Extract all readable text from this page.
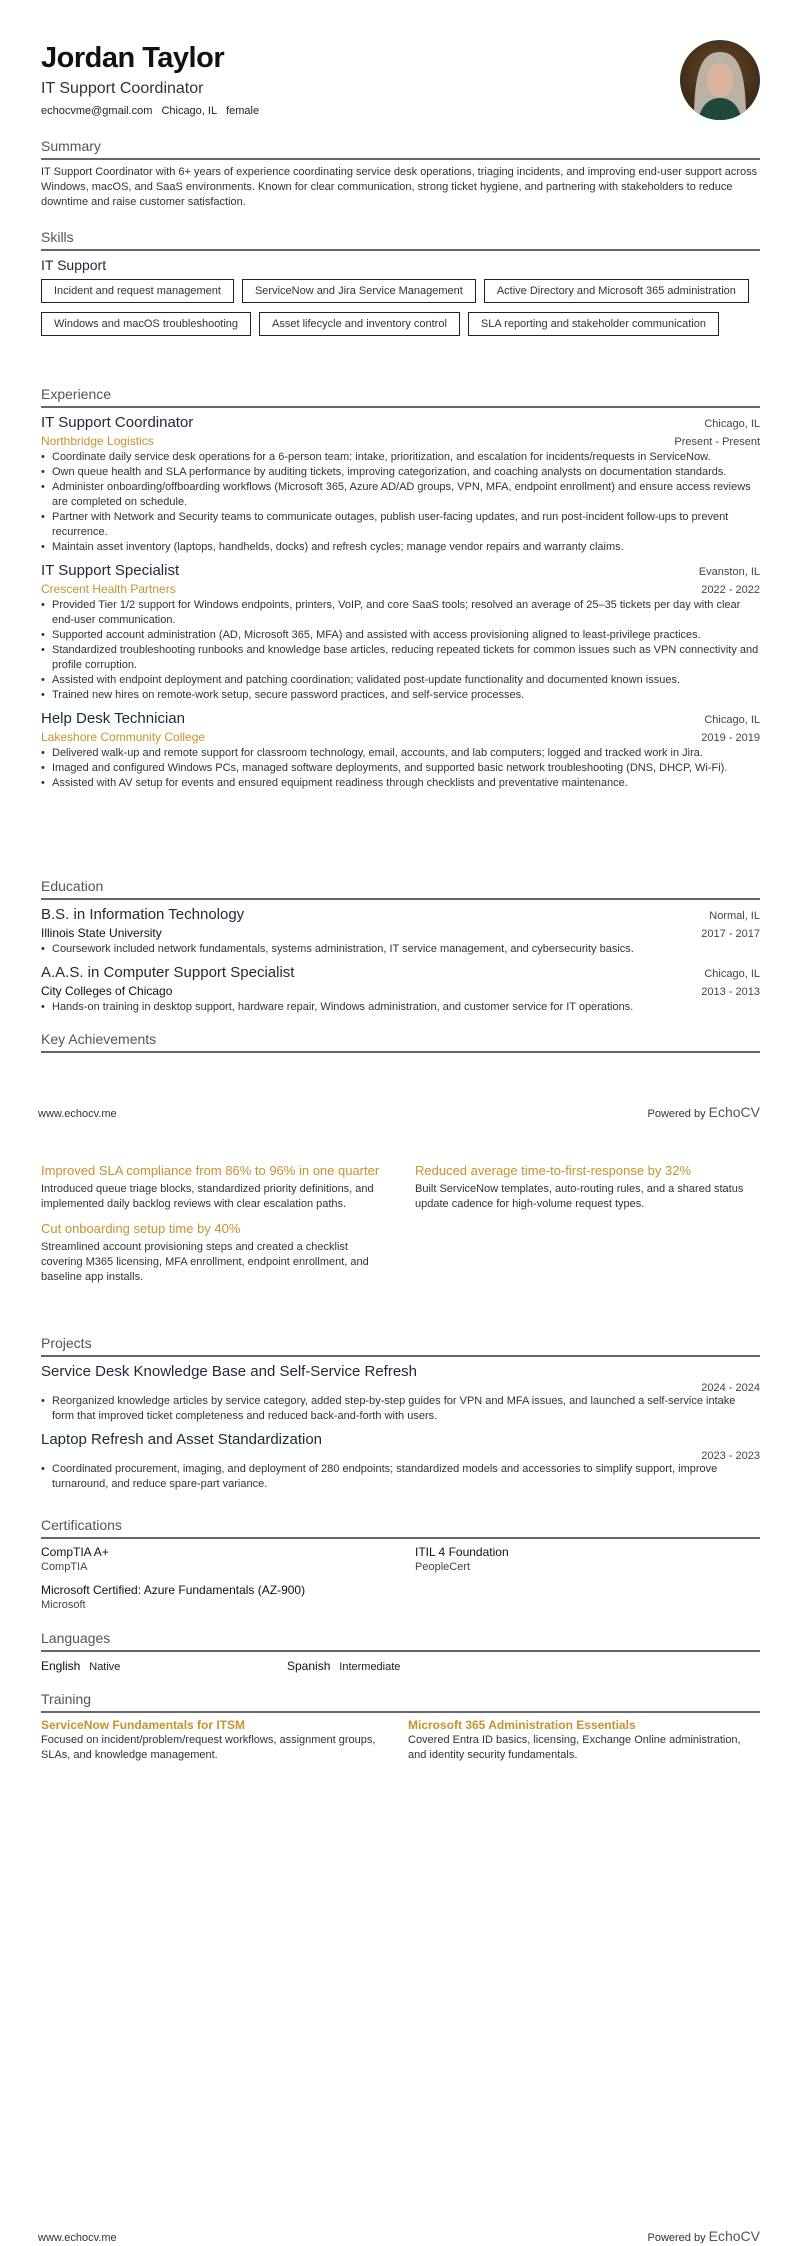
Jordan Taylor
IT Support Coordinator
echocvme@gmail.com Chicago, IL female
Summary
IT Support Coordinator with 6+ years of experience coordinating service desk operations, triaging incidents, and improving end-user support across Windows, macOS, and SaaS environments. Known for clear communication, strong ticket hygiene, and partnering with stakeholders to reduce downtime and raise customer satisfaction.
Skills
IT Support
Incident and request management	ServiceNow and Jira Service Management	Active Directory and Microsoft 365 administration
Windows and macOS troubleshooting	Asset lifecycle and inventory control	SLA reporting and stakeholder communication
Experience
IT Support Coordinator	Chicago, IL
Northbridge Logistics	Present - Present
• Coordinate daily service desk operations for a 6-person team: intake, prioritization, and escalation for incidents/requests in ServiceNow.
• Own queue health and SLA performance by auditing tickets, improving categorization, and coaching analysts on documentation standards.
• Administer onboarding/offboarding workflows (Microsoft 365, Azure AD/AD groups, VPN, MFA, endpoint enrollment) and ensure access reviews are completed on schedule.
• Partner with Network and Security teams to communicate outages, publish user-facing updates, and run post-incident follow-ups to prevent recurrence.
• Maintain asset inventory (laptops, handhelds, docks) and refresh cycles; manage vendor repairs and warranty claims.
IT Support Specialist	Evanston, IL
Crescent Health Partners	2022 - 2022
• Provided Tier 1/2 support for Windows endpoints, printers, VoIP, and core SaaS tools; resolved an average of 25–35 tickets per day with clear end-user communication.
• Supported account administration (AD, Microsoft 365, MFA) and assisted with access provisioning aligned to least-privilege practices.
• Standardized troubleshooting runbooks and knowledge base articles, reducing repeated tickets for common issues such as VPN connectivity and profile corruption.
• Assisted with endpoint deployment and patching coordination; validated post-update functionality and documented known issues.
• Trained new hires on remote-work setup, secure password practices, and self-service processes.
Help Desk Technician	Chicago, IL
Lakeshore Community College	2019 - 2019
• Delivered walk-up and remote support for classroom technology, email, accounts, and lab computers; logged and tracked work in Jira.
• Imaged and configured Windows PCs, managed software deployments, and supported basic network troubleshooting (DNS, DHCP, Wi-Fi).
• Assisted with AV setup for events and ensured equipment readiness through checklists and preventative maintenance.
Education
B.S. in Information Technology	Normal, IL
Illinois State University	2017 - 2017
• Coursework included network fundamentals, systems administration, IT service management, and cybersecurity basics.
A.A.S. in Computer Support Specialist	Chicago, IL
City Colleges of Chicago	2013 - 2013
• Hands-on training in desktop support, hardware repair, Windows administration, and customer service for IT operations.
Key Achievements
www.echocv.me	Powered by EchoCV
Improved SLA compliance from 86% to 96% in one quarter
Introduced queue triage blocks, standardized priority definitions, and implemented daily backlog reviews with clear escalation paths.
Reduced average time-to-first-response by 32%
Built ServiceNow templates, auto-routing rules, and a shared status update cadence for high-volume request types.
Cut onboarding setup time by 40%
Streamlined account provisioning steps and created a checklist covering M365 licensing, MFA enrollment, endpoint enrollment, and baseline app installs.
Projects
Service Desk Knowledge Base and Self-Service Refresh
2024 - 2024
• Reorganized knowledge articles by service category, added step-by-step guides for VPN and MFA issues, and launched a self-service intake form that improved ticket completeness and reduced back-and-forth with users.
Laptop Refresh and Asset Standardization
2023 - 2023
• Coordinated procurement, imaging, and deployment of 280 endpoints; standardized models and accessories to simplify support, improve turnaround, and reduce spare-part variance.
Certifications
CompTIA A+
CompTIA
ITIL 4 Foundation
PeopleCert
Microsoft Certified: Azure Fundamentals (AZ-900)
Microsoft
Languages
English Native	Spanish Intermediate
Training
ServiceNow Fundamentals for ITSM
Focused on incident/problem/request workflows, assignment groups, SLAs, and knowledge management.
Microsoft 365 Administration Essentials
Covered Entra ID basics, licensing, Exchange Online administration, and identity security fundamentals.
www.echocv.me	Powered by EchoCV
